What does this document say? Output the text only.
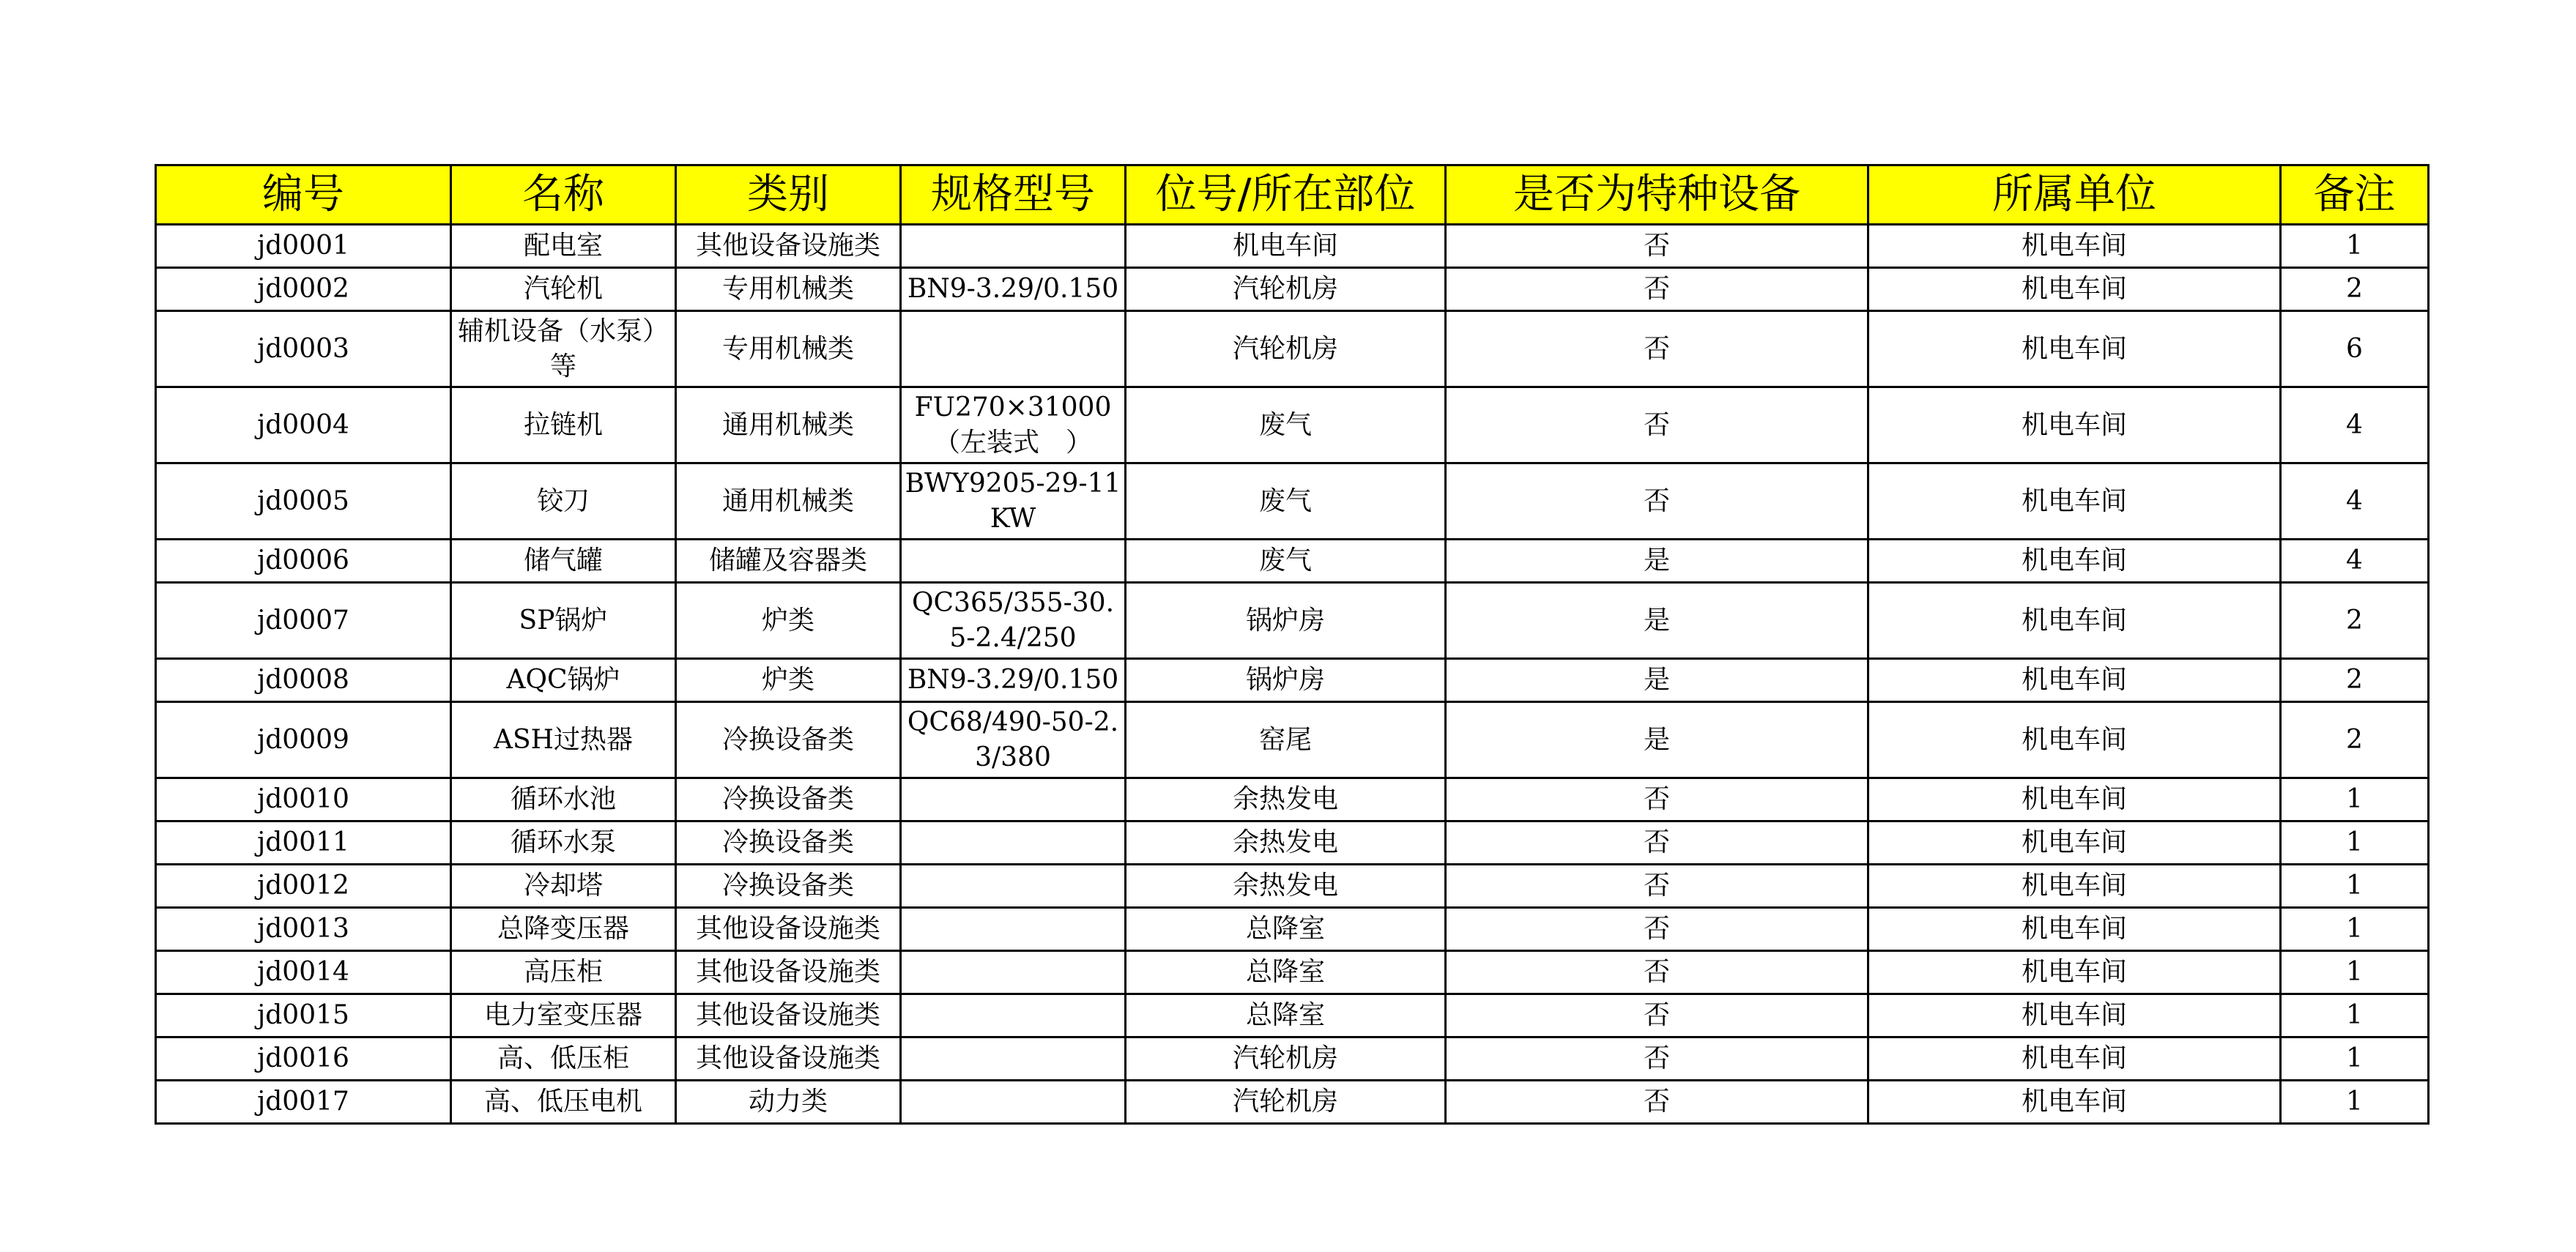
编号	名称	类别	规格型号	位号/所在部位	是否为特种设备	所属单位	备注

jd0001	配电室	其他设备设施类		机电车间	否	机电车间	1

jd0002	汽轮机	专用机械类	BN9-3.29/0.150	汽轮机房	否	机电车间	2

jd0003	辅机设备（水泵）等	专用机械类		汽轮机房	否	机电车间	6

jd0004	拉链机	通用机械类	FU270×31000（左装式　）	废气	否	机电车间	4

jd0005	铰刀	通用机械类	BWY9205-29-11KW	废气	否	机电车间	4

jd0006	储气罐	储罐及容器类		废气	是	机电车间	4

jd0007	SP锅炉	炉类	QC365/355-30.5-2.4/250	锅炉房	是	机电车间	2

jd0008	AQC锅炉	炉类	BN9-3.29/0.150	锅炉房	是	机电车间	2

jd0009	ASH过热器	冷换设备类	QC68/490-50-2.3/380	窑尾	是	机电车间	2

jd0010	循环水池	冷换设备类		余热发电	否	机电车间	1

jd0011	循环水泵	冷换设备类		余热发电	否	机电车间	1

jd0012	冷却塔	冷换设备类		余热发电	否	机电车间	1

jd0013	总降变压器	其他设备设施类		总降室	否	机电车间	1

jd0014	高压柜	其他设备设施类		总降室	否	机电车间	1

jd0015	电力室变压器	其他设备设施类		总降室	否	机电车间	1

jd0016	高、低压柜	其他设备设施类		汽轮机房	否	机电车间	1

jd0017	高、低压电机	动力类		汽轮机房	否	机电车间	1
